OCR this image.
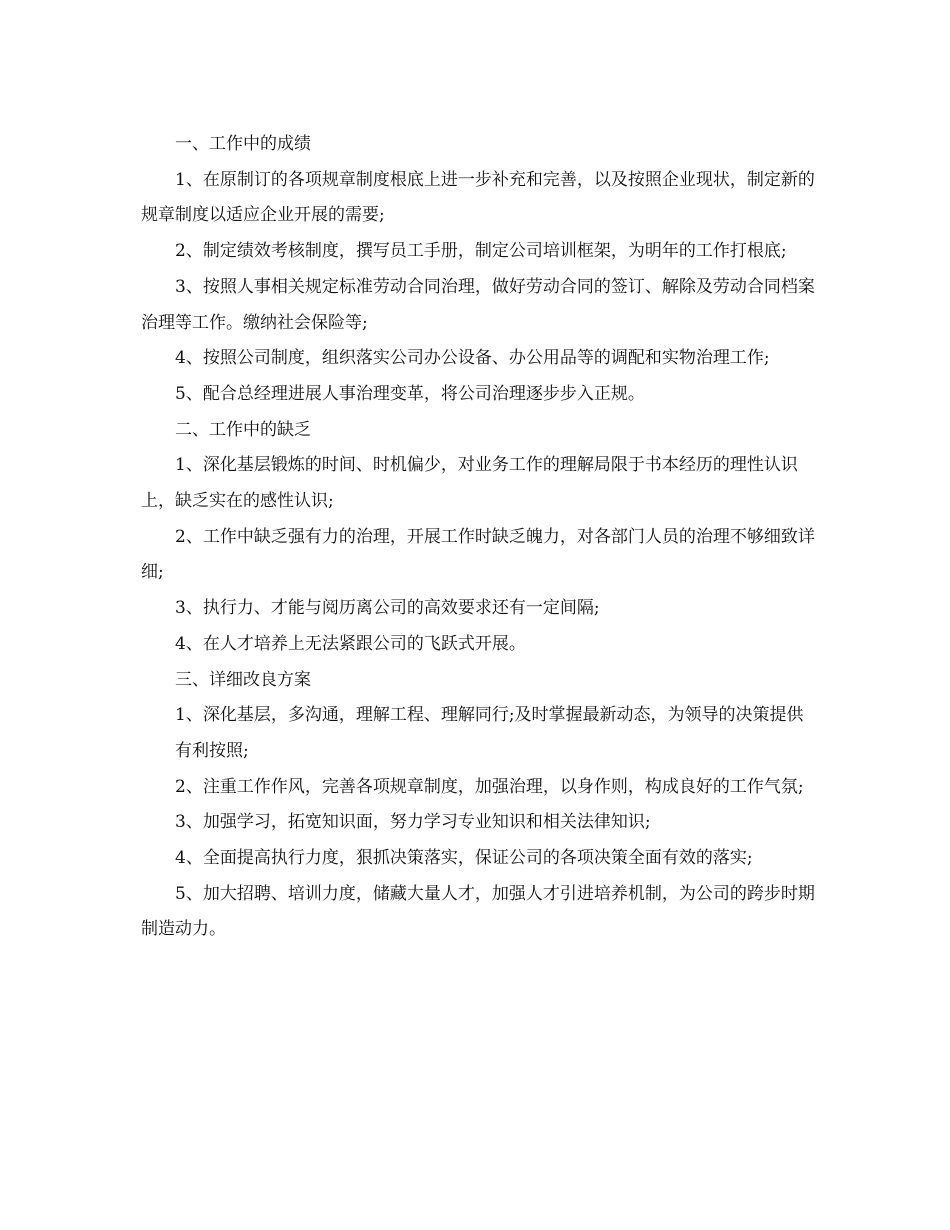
一、工作中的成绩

1、在原制订的各项规章制度根底上进一步补充和完善，以及按照企业现状，制定新的规章制度以适应企业开展的需要;

2、制定绩效考核制度，撰写员工手册，制定公司培训框架，为明年的工作打根底;

3、按照人事相关规定标准劳动合同治理，做好劳动合同的签订、解除及劳动合同档案治理等工作。缴纳社会保险等;

4、按照公司制度，组织落实公司办公设备、办公用品等的调配和实物治理工作;

5、配合总经理进展人事治理变革，将公司治理逐步步入正规。

二、工作中的缺乏

1、深化基层锻炼的时间、时机偏少，对业务工作的理解局限于书本经历的理性认识上，缺乏实在的感性认识;

2、工作中缺乏强有力的治理，开展工作时缺乏魄力，对各部门人员的治理不够细致详细;

3、执行力、才能与阅历离公司的高效要求还有一定间隔;

4、在人才培养上无法紧跟公司的飞跃式开展。

三、详细改良方案

1、深化基层，多沟通，理解工程、理解同行;及时掌握最新动态，为领导的决策提供

有利按照;

2、注重工作作风，完善各项规章制度，加强治理，以身作则，构成良好的工作气氛;

3、加强学习，拓宽知识面，努力学习专业知识和相关法律知识;

4、全面提高执行力度，狠抓决策落实，保证公司的各项决策全面有效的落实;

5、加大招聘、培训力度，储藏大量人才，加强人才引进培养机制，为公司的跨步时期制造动力。
